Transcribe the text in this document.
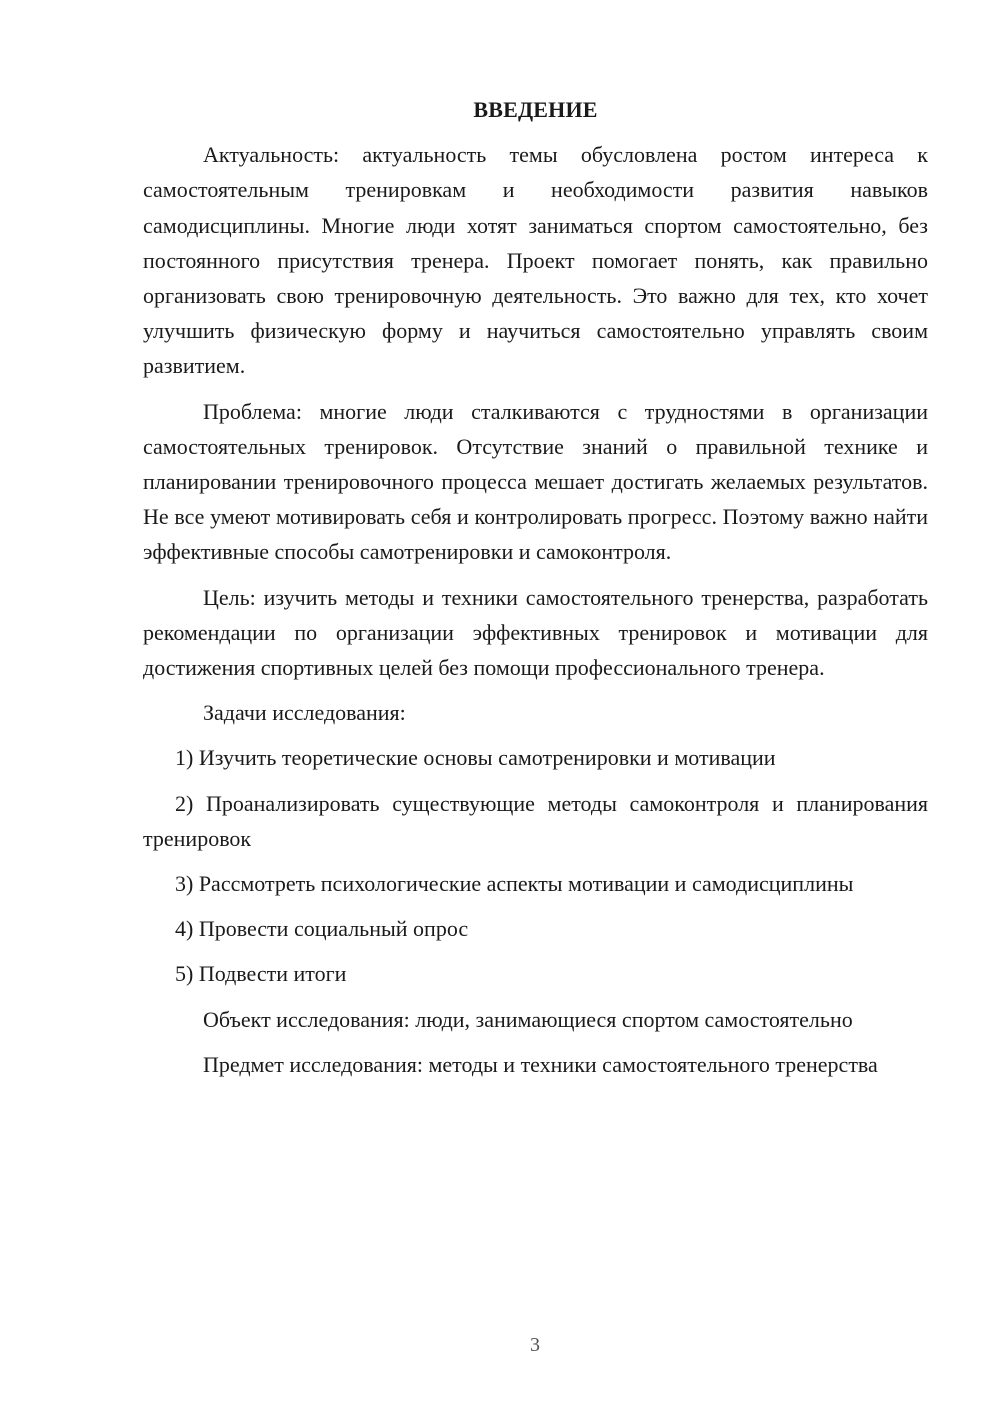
ВВЕДЕНИЕ

Актуальность: актуальность темы обусловлена ростом интереса к самостоятельным тренировкам и необходимости развития навыков самодисциплины. Многие люди хотят заниматься спортом самостоятельно, без постоянного присутствия тренера. Проект помогает понять, как правильно организовать свою тренировочную деятельность. Это важно для тех, кто хочет улучшить физическую форму и научиться самостоятельно управлять своим развитием.

Проблема: многие люди сталкиваются с трудностями в организации самостоятельных тренировок. Отсутствие знаний о правильной технике и планировании тренировочного процесса мешает достигать желаемых результатов. Не все умеют мотивировать себя и контролировать прогресс. Поэтому важно найти эффективные способы самотренировки и самоконтроля.

Цель: изучить методы и техники самостоятельного тренерства, разработать рекомендации по организации эффективных тренировок и мотивации для достижения спортивных целей без помощи профессионального тренера.

Задачи исследования:

1) Изучить теоретические основы самотренировки и мотивации

2) Проанализировать существующие методы самоконтроля и планирования тренировок

3) Рассмотреть психологические аспекты мотивации и самодисциплины

4) Провести социальный опрос

5) Подвести итоги

Объект исследования: люди, занимающиеся спортом самостоятельно

Предмет исследования: методы и техники самостоятельного тренерства

3
